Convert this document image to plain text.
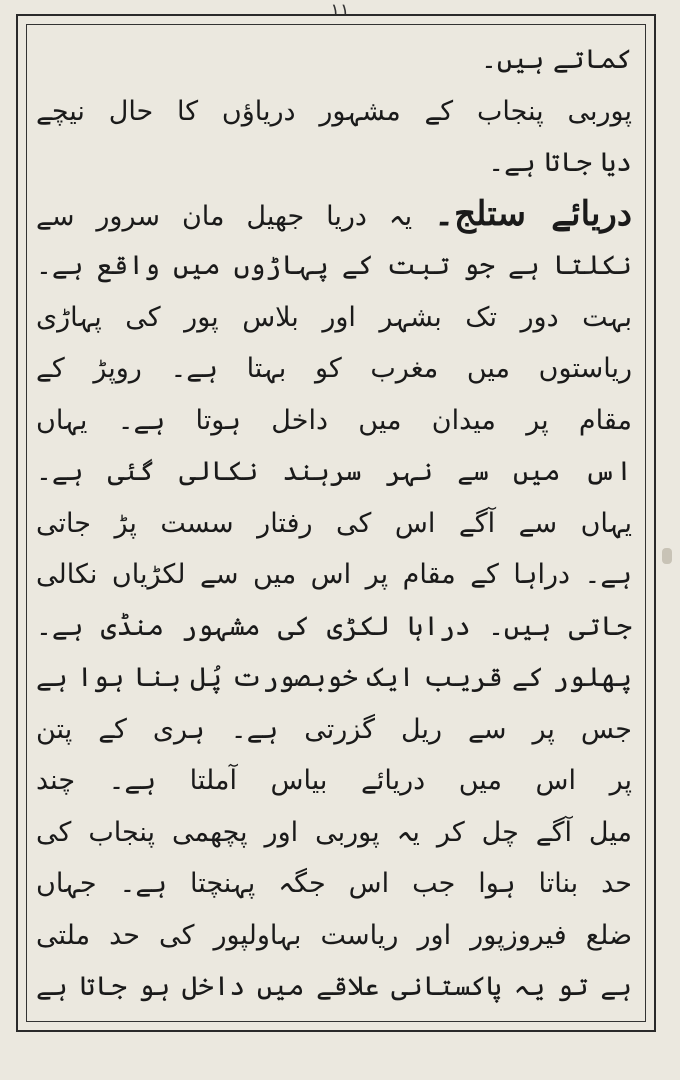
۱۱
کماتے ہیں۔
پوربی پنجاب کے مشہور دریاؤں کا حال نیچے
دیا جاتا ہے۔
دریائے ستلج۔ یہ دریا جھیل مان سرور سے
نکلتا ہے جو تبت کے پہاڑوں میں واقع ہے۔
بہت دور تک بشہر اور بلاس پور کی پہاڑی
ریاستوں میں مغرب کو بہتا ہے۔ روپڑ کے
مقام پر میدان میں داخل ہوتا ہے۔ یہاں
اس میں سے نہر سرہند نکالی گئی ہے۔
یہاں سے آگے اس کی رفتار سست پڑ جاتی
ہے۔ دراہا کے مقام پر اس میں سے لکڑیاں نکالی
جاتی ہیں۔ دراہا لکڑی کی مشہور منڈی ہے۔
پھلور کے قریب ایک خوبصورت پُل بنا ہوا ہے
جس پر سے ریل گزرتی ہے۔ ہری کے پتن
پر اس میں دریائے بیاس آملتا ہے۔ چند
میل آگے چل کر یہ پوربی اور پچھمی پنجاب کی
حد بناتا ہوا جب اس جگہ پہنچتا ہے۔ جہاں
ضلع فیروزپور اور ریاست بہاولپور کی حد ملتی
ہے تو یہ پاکستانی علاقے میں داخل ہو جاتا ہے
